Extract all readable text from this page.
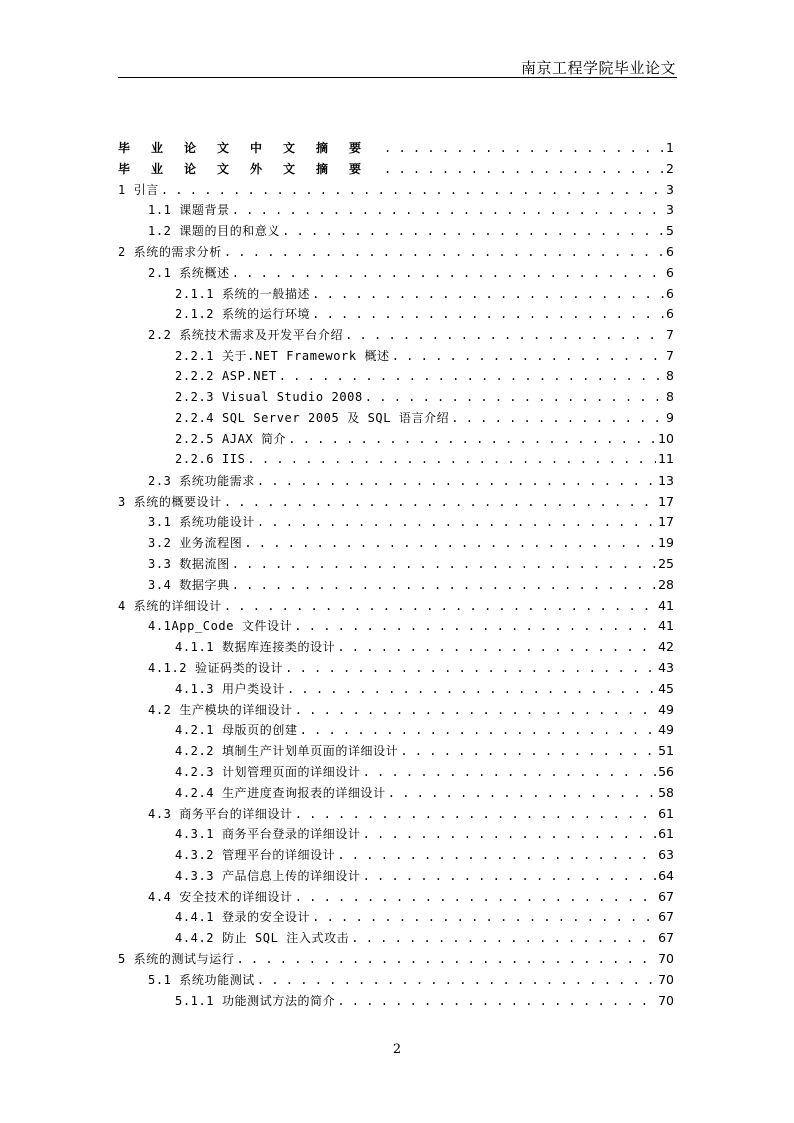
南京工程学院毕业论文
毕业论文中文摘要 . . .	1
毕业论文外文摘要 . . .	2
1 引言 . . .	3
1.1 课题背景 . . .	3
1.2 课题的目的和意义 . . .	5
2 系统的需求分析 . . .	6
2.1 系统概述 . . .	6
2.1.1 系统的一般描述 . . .	6
2.1.2 系统的运行环境 . . .	6
2.2 系统技术需求及开发平台介绍 . . .	7
2.2.1 关于.NET Framework 概述 . . .	7
2.2.2 ASP.NET . . .	8
2.2.3 Visual Studio 2008 . . .	8
2.2.4 SQL Server 2005 及 SQL 语言介绍 . . .	9
2.2.5 AJAX 简介 . . .	10
2.2.6 IIS . . .	11
2.3 系统功能需求 . . .	13
3 系统的概要设计 . . .	17
3.1 系统功能设计 . . .	17
3.2 业务流程图 . . .	19
3.3 数据流图 . . .	25
3.4 数据字典 . . .	28
4 系统的详细设计 . . .	41
4.1App_Code 文件设计 . . .	41
4.1.1 数据库连接类的设计 . . .	42
4.1.2 验证码类的设计 . . .	43
4.1.3 用户类设计 . . .	45
4.2 生产模块的详细设计 . . .	49
4.2.1 母版页的创建 . . .	49
4.2.2 填制生产计划单页面的详细设计 . . .	51
4.2.3 计划管理页面的详细设计 . . .	56
4.2.4 生产进度查询报表的详细设计 . . .	58
4.3 商务平台的详细设计 . . .	61
4.3.1 商务平台登录的详细设计 . . .	61
4.3.2 管理平台的详细设计 . . .	63
4.3.3 产品信息上传的详细设计 . . .	64
4.4 安全技术的详细设计 . . .	67
4.4.1 登录的安全设计 . . .	67
4.4.2 防止 SQL 注入式攻击 . . .	67
5 系统的测试与运行 . . .	70
5.1 系统功能测试 . . .	70
5.1.1 功能测试方法的简介 . . .	70
2
